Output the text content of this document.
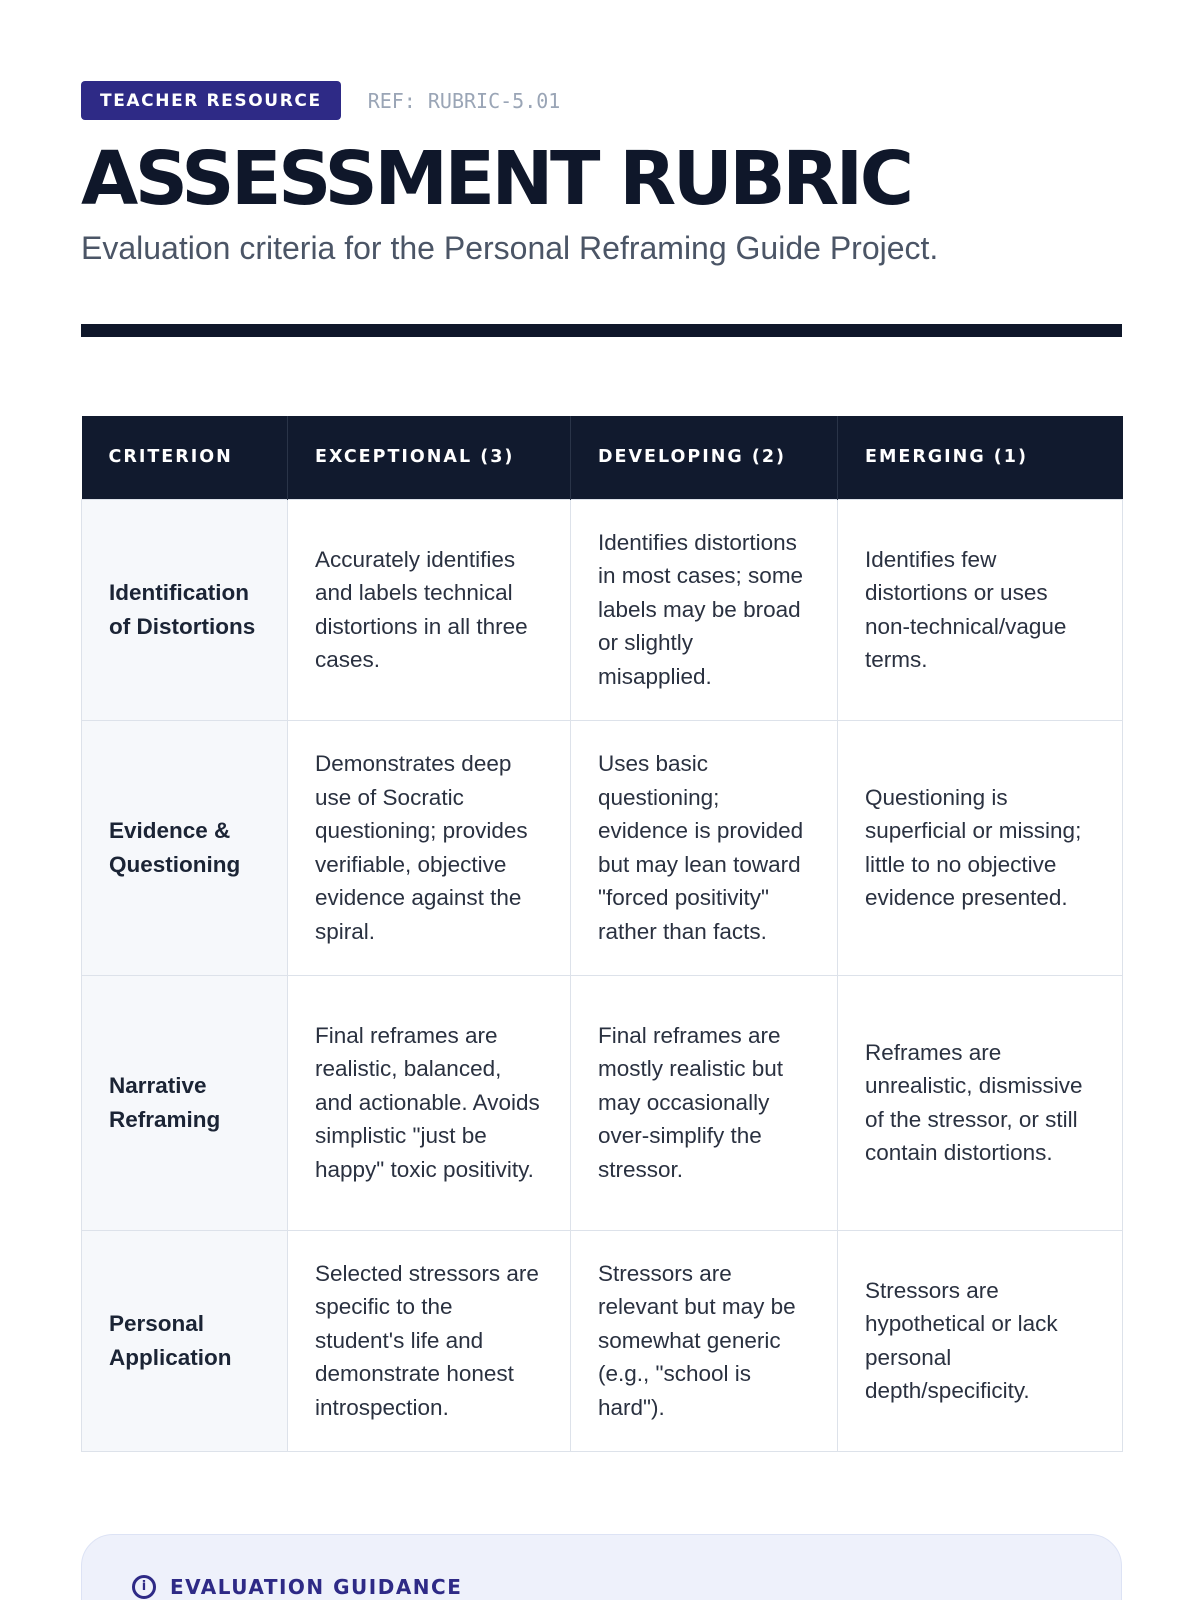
TEACHER RESOURCE	REF: RUBRIC-5.01
ASSESSMENT RUBRIC

Evaluation criteria for the Personal Reframing Guide Project.

CRITERION	EXCEPTIONAL (3)	DEVELOPING (2)	EMERGING (1)
Identification of Distortions	Accurately identifies and labels technical distortions in all three cases.	Identifies distortions in most cases; some labels may be broad or slightly misapplied.	Identifies few distortions or uses non-technical/vague terms.
Evidence & Questioning	Demonstrates deep use of Socratic questioning; provides verifiable, objective evidence against the spiral.	Uses basic questioning; evidence is provided but may lean toward "forced positivity" rather than facts.	Questioning is superficial or missing; little to no objective evidence presented.
Narrative Reframing	Final reframes are realistic, balanced, and actionable. Avoids simplistic "just be happy" toxic positivity.	Final reframes are mostly realistic but may occasionally over-simplify the stressor.	Reframes are unrealistic, dismissive of the stressor, or still contain distortions.
Personal Application	Selected stressors are specific to the student's life and demonstrate honest introspection.	Stressors are relevant but may be somewhat generic (e.g., "school is hard").	Stressors are hypothetical or lack personal depth/specificity.
i	EVALUATION GUIDANCE
